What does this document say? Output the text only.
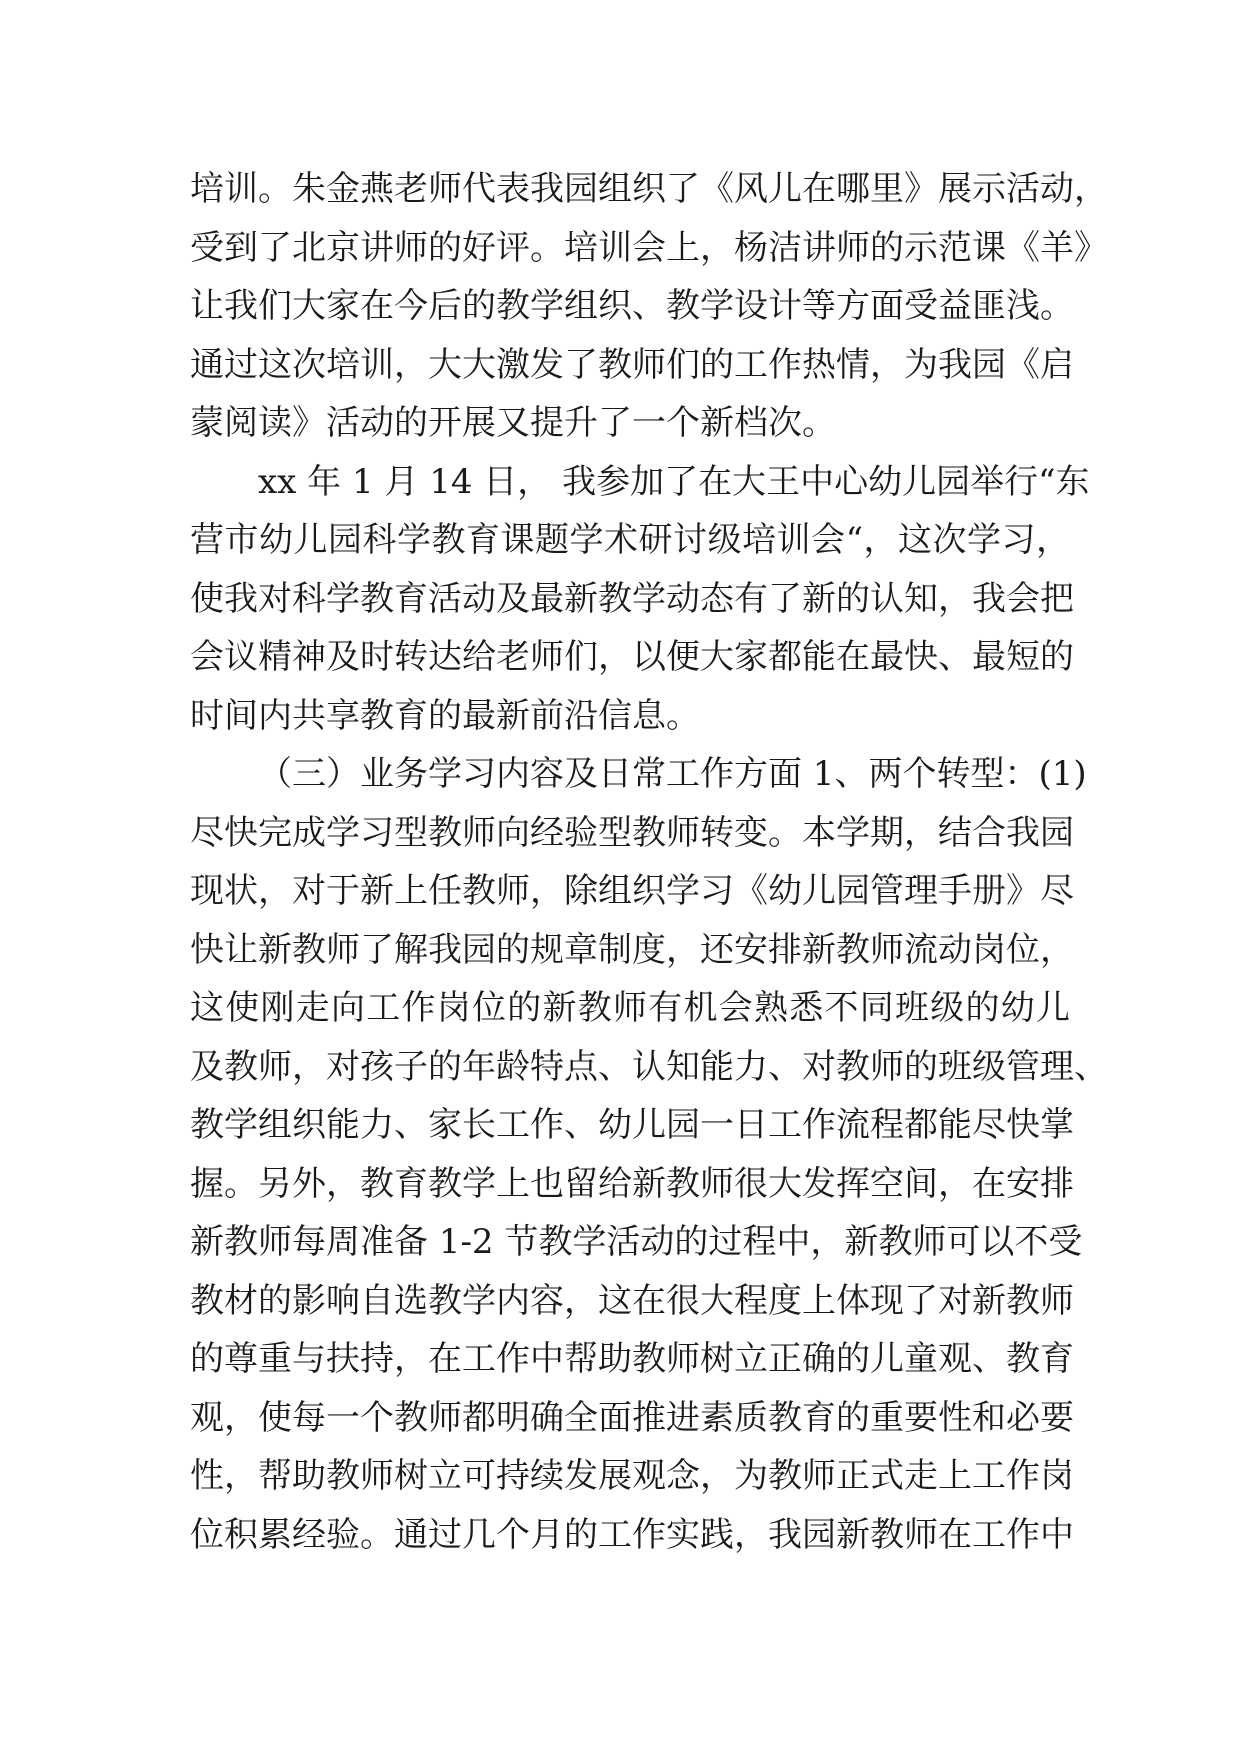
培训。朱金燕老师代表我园组织了《风儿在哪里》展示活动，
受到了北京讲师的好评。培训会上，杨洁讲师的示范课《羊》
让我们大家在今后的教学组织、教学设计等方面受益匪浅。
通过这次培训，大大激发了教师们的工作热情，为我园《启
蒙阅读》活动的开展又提升了一个新档次。
xx 年 1 月 14 日， 我参加了在大王中心幼儿园举行“东
营市幼儿园科学教育课题学术研讨级培训会“，这次学习，
使我对科学教育活动及最新教学动态有了新的认知，我会把
会议精神及时转达给老师们，以便大家都能在最快、最短的
时间内共享教育的最新前沿信息。
（三）业务学习内容及日常工作方面 1、两个转型：(1)
尽快完成学习型教师向经验型教师转变。本学期，结合我园
现状，对于新上任教师，除组织学习《幼儿园管理手册》尽
快让新教师了解我园的规章制度，还安排新教师流动岗位，
这使刚走向工作岗位的新教师有机会熟悉不同班级的幼儿
及教师，对孩子的年龄特点、认知能力、对教师的班级管理、
教学组织能力、家长工作、幼儿园一日工作流程都能尽快掌
握。另外，教育教学上也留给新教师很大发挥空间，在安排
新教师每周准备 1-2 节教学活动的过程中，新教师可以不受
教材的影响自选教学内容，这在很大程度上体现了对新教师
的尊重与扶持，在工作中帮助教师树立正确的儿童观、教育
观，使每一个教师都明确全面推进素质教育的重要性和必要
性，帮助教师树立可持续发展观念，为教师正式走上工作岗
位积累经验。通过几个月的工作实践，我园新教师在工作中
